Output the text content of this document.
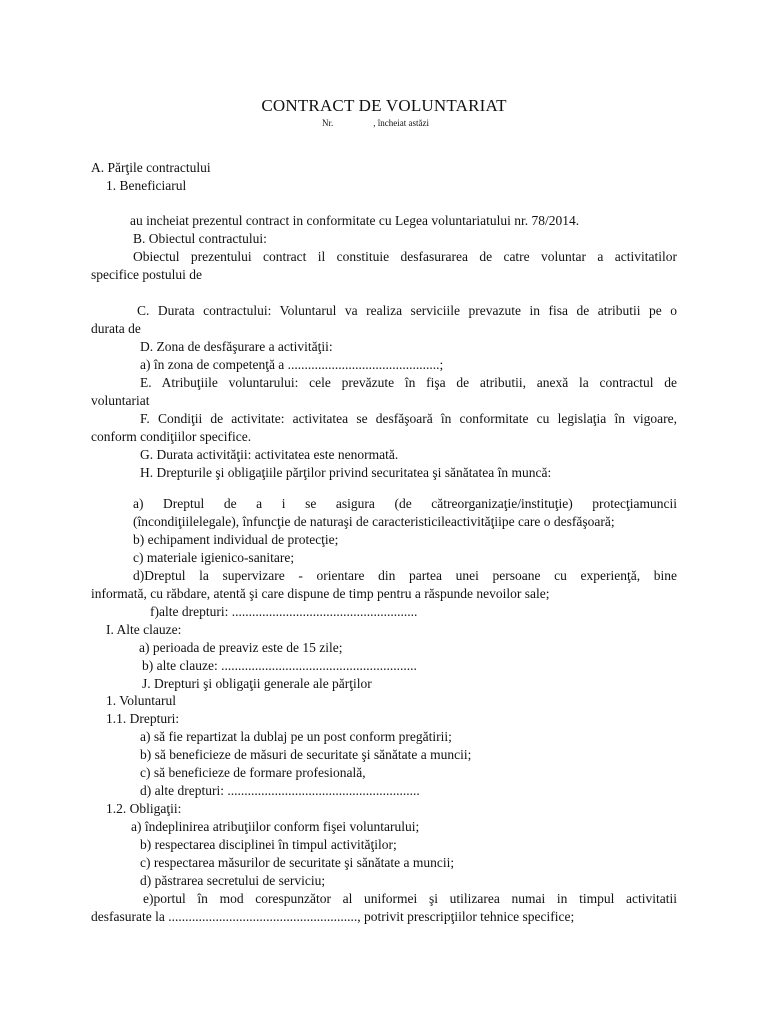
CONTRACT DE VOLUNTARIAT
Nr.	, încheiat astăzi
A. Părţile contractului
1. Beneficiarul
au incheiat prezentul contract in conformitate cu Legea voluntariatului nr. 78/2014.
B. Obiectul contractului:
Obiectul prezentului contract il constituie desfasurarea de catre voluntar a activitatilor
specifice postului de
C. Durata contractului: Voluntarul va realiza serviciile prevazute in fisa de atributii pe o
durata de
D. Zona de desfăşurare a activităţii:
a) în zona de competenţă a .............................................;
E. Atribuţiile voluntarului: cele prevăzute în fişa de atributii, anexă la contractul de
voluntariat
F. Condiţii de activitate: activitatea se desfăşoară în conformitate cu legislaţia în vigoare,
conform condiţiilor specifice.
G. Durata activităţii: activitatea este nenormată.
H. Drepturile şi obligaţiile părţilor privind securitatea şi sănătatea în muncă:
a) Dreptul de a i se asigura (de cătreorganizaţie/instituţie) protecţiamuncii
(încondiţiilelegale), înfuncţie de naturaşi de caracteristicileactivităţiipe care o desfăşoară;
b) echipament individual de protecţie;
c) materiale igienico-sanitare;
d)Dreptul la supervizare - orientare din partea unei persoane cu experienţă, bine
informată, cu răbdare, atentă şi care dispune de timp pentru a răspunde nevoilor sale;
f)alte drepturi: .......................................................
I. Alte clauze:
a) perioada de preaviz este de 15 zile;
b) alte clauze: ..........................................................
J. Drepturi şi obligaţii generale ale părţilor
1. Voluntarul
1.1. Drepturi:
a) să fie repartizat la dublaj pe un post conform pregătirii;
b) să beneficieze de măsuri de securitate şi sănătate a muncii;
c) să beneficieze de formare profesională,
d) alte drepturi: .........................................................
1.2. Obligaţii:
a) îndeplinirea atribuţiilor conform fişei voluntarului;
b) respectarea disciplinei în timpul activităţilor;
c) respectarea măsurilor de securitate şi sănătate a muncii;
d) păstrarea secretului de serviciu;
e)portul în mod corespunzător al uniformei şi utilizarea numai in timpul activitatii
desfasurate la ........................................................, potrivit prescripţiilor tehnice specifice;
